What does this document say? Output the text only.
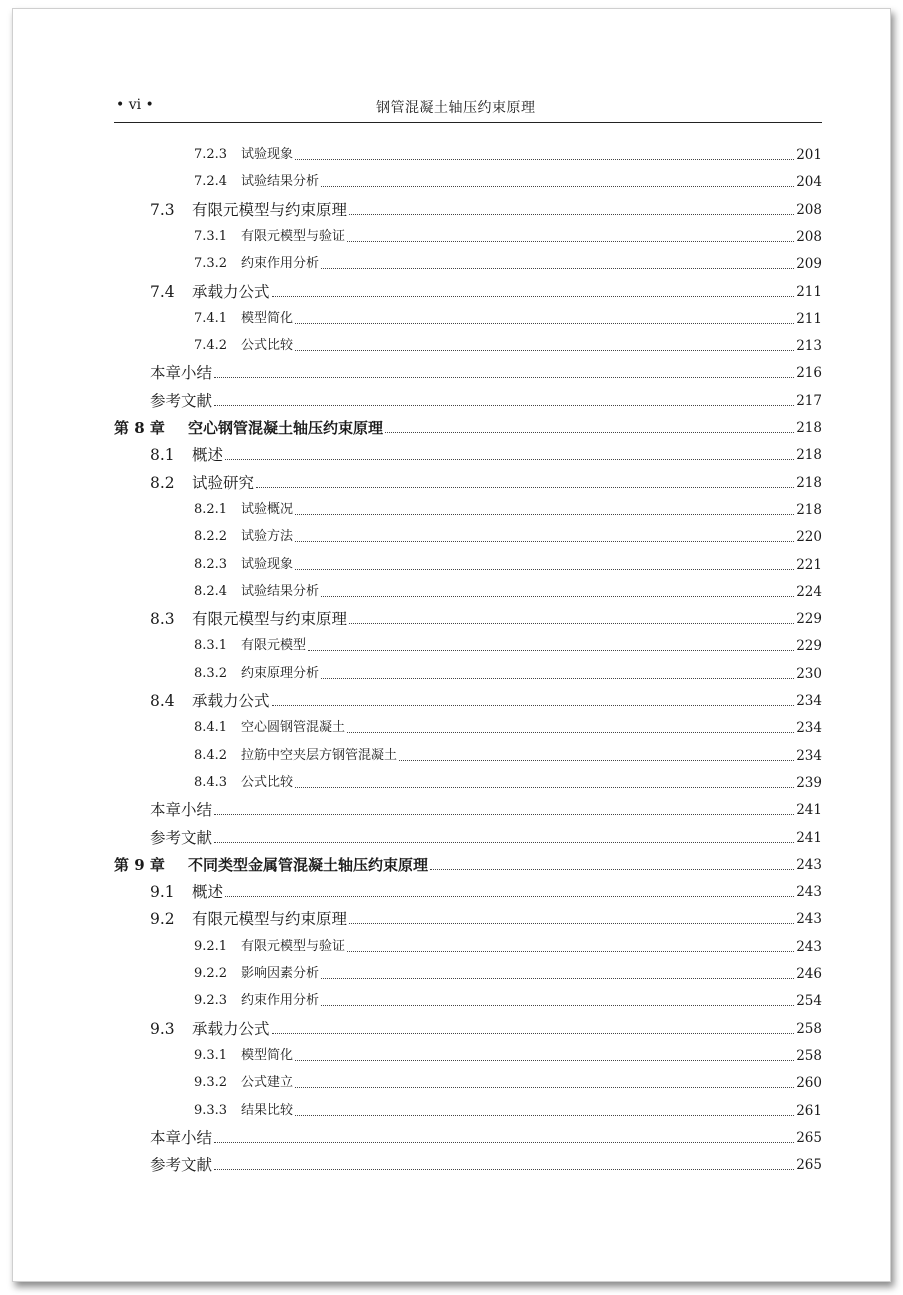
• vi •	钢管混凝土轴压约束原理
7.2.3	试验现象	201
7.2.4	试验结果分析	204
7.3	有限元模型与约束原理	208
7.3.1	有限元模型与验证	208
7.3.2	约束作用分析	209
7.4	承载力公式	211
7.4.1	模型简化	211
7.4.2	公式比较	213
本章小结	216
参考文献	217
第 8 章	空心钢管混凝土轴压约束原理	218
8.1	概述	218
8.2	试验研究	218
8.2.1	试验概况	218
8.2.2	试验方法	220
8.2.3	试验现象	221
8.2.4	试验结果分析	224
8.3	有限元模型与约束原理	229
8.3.1	有限元模型	229
8.3.2	约束原理分析	230
8.4	承载力公式	234
8.4.1	空心圆钢管混凝土	234
8.4.2	拉筋中空夹层方钢管混凝土	234
8.4.3	公式比较	239
本章小结	241
参考文献	241
第 9 章	不同类型金属管混凝土轴压约束原理	243
9.1	概述	243
9.2	有限元模型与约束原理	243
9.2.1	有限元模型与验证	243
9.2.2	影响因素分析	246
9.2.3	约束作用分析	254
9.3	承载力公式	258
9.3.1	模型简化	258
9.3.2	公式建立	260
9.3.3	结果比较	261
本章小结	265
参考文献	265
